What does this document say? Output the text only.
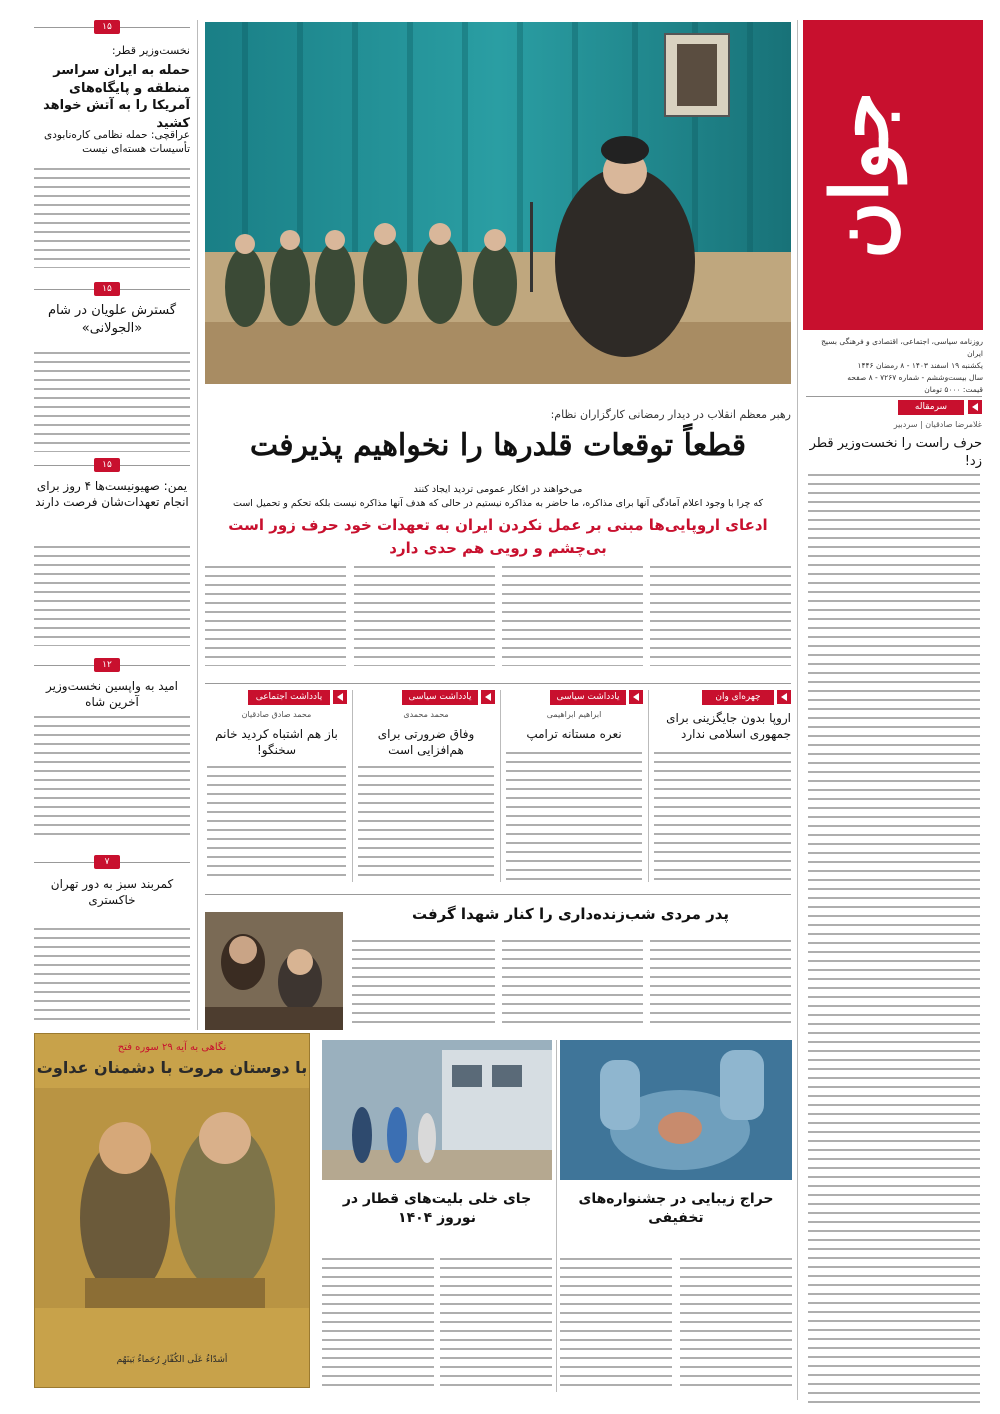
جوان
روزنامه سیاسی، اجتماعی، اقتصادی و فرهنگی بسیج ایران
یکشنبه ۱۹ اسفند ۱۴۰۳ - ۸ رمضان ۱۴۴۶
سال بیست‌وششم - شماره ۷۲۶۷ - ۸ صفحه
قیمت: ۵۰۰۰ تومان
سرمقاله
غلامرضا صادقیان | سردبیر
حرف راست را نخست‌وزیر قطر زد!
رهبر معظم انقلاب در دیدار رمضانی کارگزاران نظام:
قطعاً توقعات قلدرها را نخواهیم پذیرفت
می‌خواهند در افکار عمومی تردید ایجاد کنند
که چرا با وجود اعلام آمادگی آنها برای مذاکره، ما حاضر به مذاکره نیستیم در حالی که هدف آنها مذاکره نیست بلکه تحکم و تحمیل است
ادعای اروپایی‌ها مبنی بر عمل نکردن ایران به تعهدات خود حرف زور است
بی‌چشم و رویی هم حدی دارد
چهره‌ای وان
اروپا بدون جایگزینی برای جمهوری اسلامی ندارد
یادداشت سیاسی
ابراهیم ابراهیمی
نعره مستانه ترامپ
یادداشت سیاسی
محمد محمدی
وفاق ضرورتی برای هم‌افزایی است
یادداشت اجتماعی
محمد صادق صادقیان
باز هم اشتباه کردید خانم سخنگو!
پدر مردی شب‌زنده‌داری را کنار شهدا گرفت
جای خلی بلیت‌های قطار در نوروز ۱۴۰۴
حراج زیبایی در جشنواره‌های تخفیفی
نگاهی به آیه ۲۹ سوره فتح
با دوستان مروت با دشمنان عداوت
أشدّاءُ عَلَی الکُفّارِ رُحَماءُ بَینَهُم
۱۵
نخست‌وزیر قطر:
حمله به ایران سراسر منطقه و پایگاه‌های آمریکا را به آتش خواهد کشید
عراقچی: حمله نظامی کاره‌نابودی تأسیسات هسته‌ای نیست
۱۵
گسترش علویان در شام «الجولانی»
۱۵
یمن: صهیونیست‌ها ۴ روز برای انجام تعهدات‌شان فرصت دارند
۱۲
امید به واپسین نخست‌وزیر آخرین شاه
۷
کمربند سبز به دور تهران خاکستری
